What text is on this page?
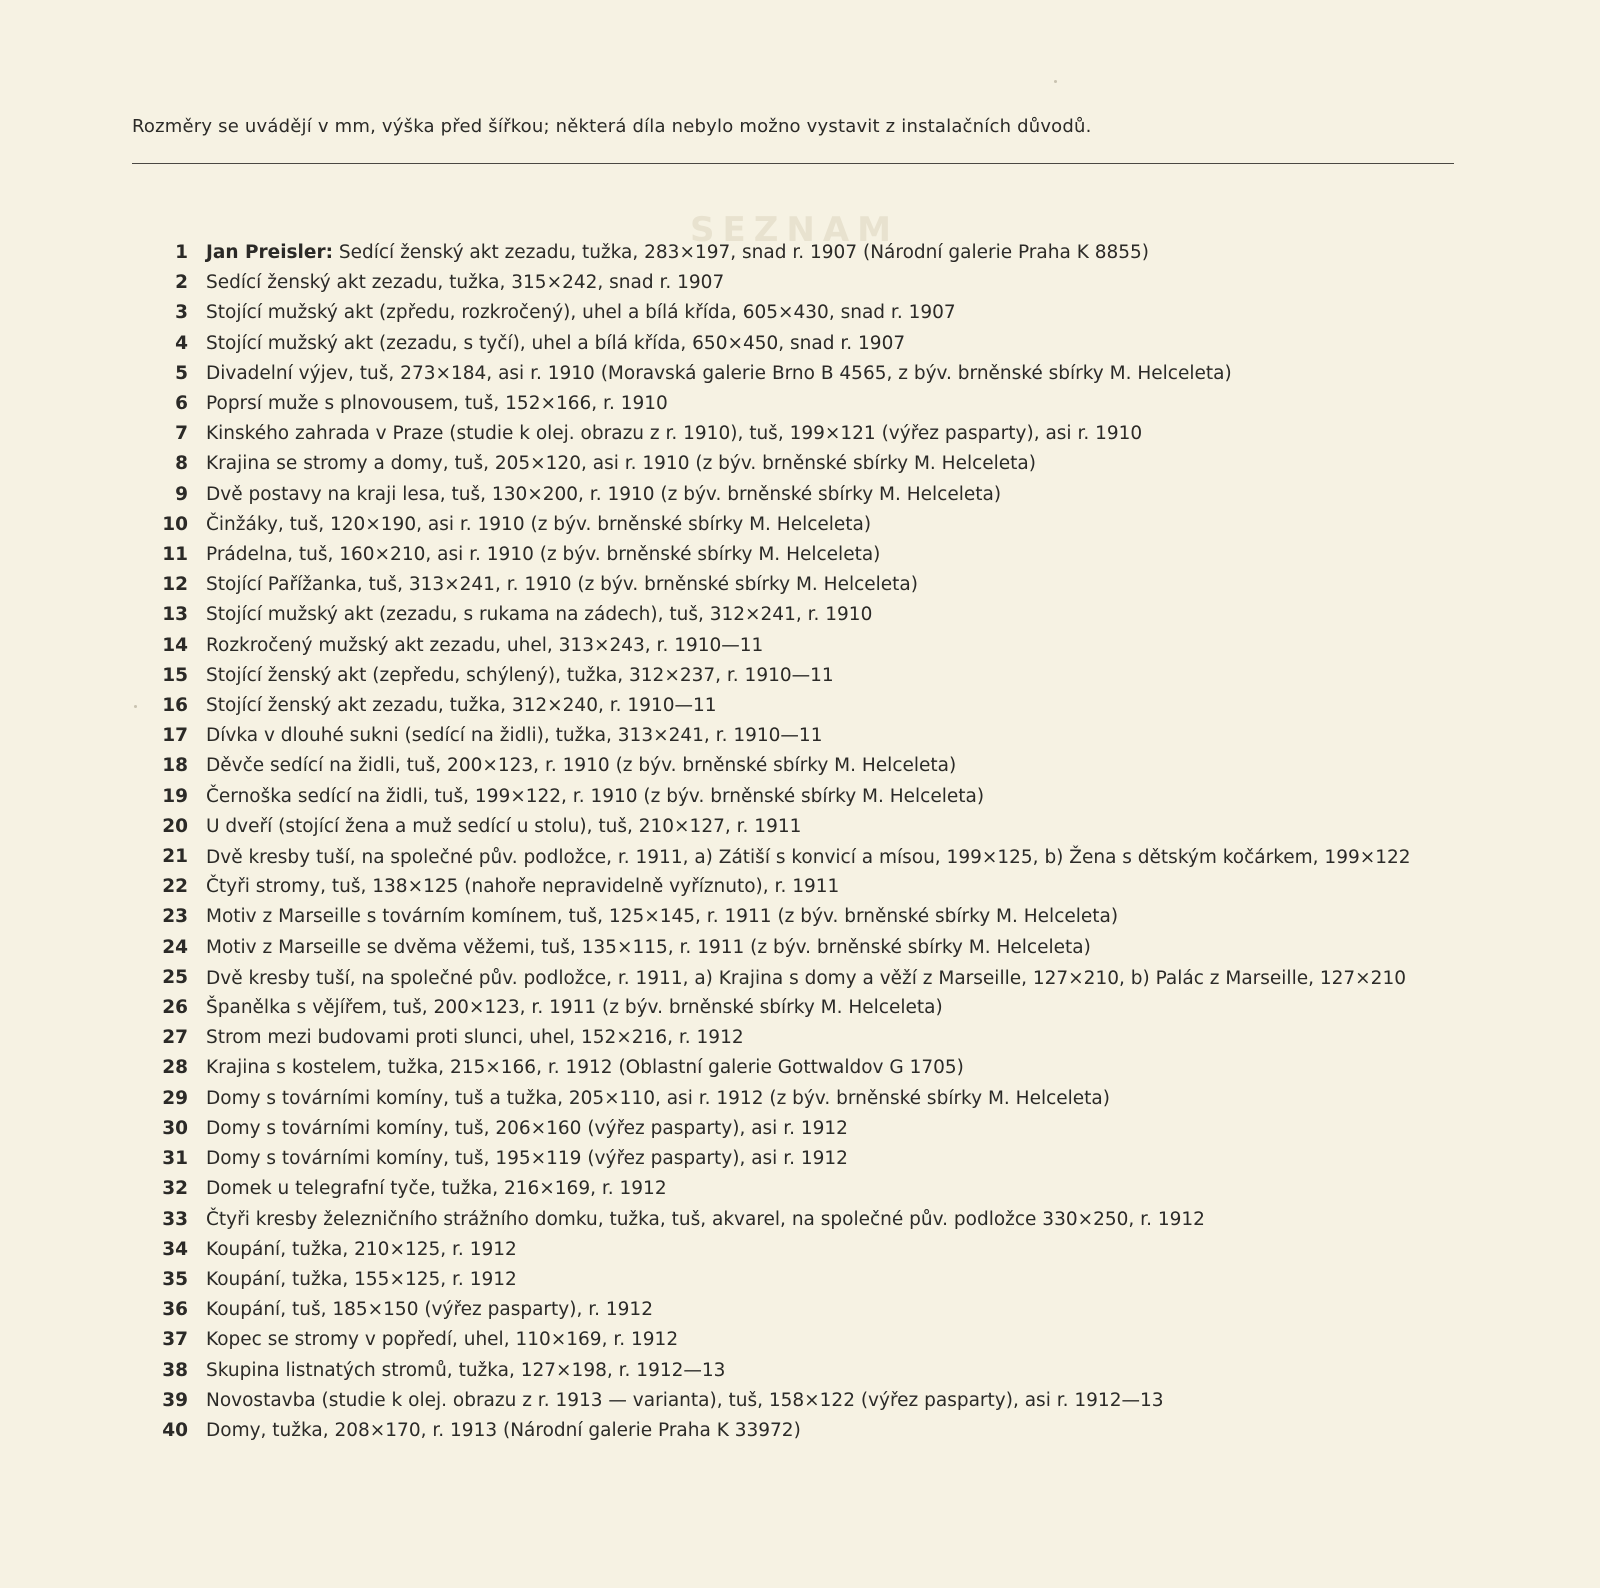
SEZNAM
Rozměry se uvádějí v mm, výška před šířkou; některá díla nebylo možno vystavit z instalačních důvodů.
1 Jan Preisler: Sedící ženský akt zezadu, tužka, 283×197, snad r. 1907 (Národní galerie Praha K 8855)
2 Sedící ženský akt zezadu, tužka, 315×242, snad r. 1907
3 Stojící mužský akt (zpředu, rozkročený), uhel a bílá křída, 605×430, snad r. 1907
4 Stojící mužský akt (zezadu, s tyčí), uhel a bílá křída, 650×450, snad r. 1907
5 Divadelní výjev, tuš, 273×184, asi r. 1910 (Moravská galerie Brno B 4565, z býv. brněnské sbírky M. Helceleta)
6 Poprsí muže s plnovousem, tuš, 152×166, r. 1910
7 Kinského zahrada v Praze (studie k olej. obrazu z r. 1910), tuš, 199×121 (výřez pasparty), asi r. 1910
8 Krajina se stromy a domy, tuš, 205×120, asi r. 1910 (z býv. brněnské sbírky M. Helceleta)
9 Dvě postavy na kraji lesa, tuš, 130×200, r. 1910 (z býv. brněnské sbírky M. Helceleta)
10 Činžáky, tuš, 120×190, asi r. 1910 (z býv. brněnské sbírky M. Helceleta)
11 Prádelna, tuš, 160×210, asi r. 1910 (z býv. brněnské sbírky M. Helceleta)
12 Stojící Pařížanka, tuš, 313×241, r. 1910 (z býv. brněnské sbírky M. Helceleta)
13 Stojící mužský akt (zezadu, s rukama na zádech), tuš, 312×241, r. 1910
14 Rozkročený mužský akt zezadu, uhel, 313×243, r. 1910—11
15 Stojící ženský akt (zepředu, schýlený), tužka, 312×237, r. 1910—11
16 Stojící ženský akt zezadu, tužka, 312×240, r. 1910—11
17 Dívka v dlouhé sukni (sedící na židli), tužka, 313×241, r. 1910—11
18 Děvče sedící na židli, tuš, 200×123, r. 1910 (z býv. brněnské sbírky M. Helceleta)
19 Černoška sedící na židli, tuš, 199×122, r. 1910 (z býv. brněnské sbírky M. Helceleta)
20 U dveří (stojící žena a muž sedící u stolu), tuš, 210×127, r. 1911
21 Dvě kresby tuší, na společné pův. podložce, r. 1911, a) Zátiší s konvicí a mísou, 199×125, b) Žena s dětským kočárkem, 199×122
22 Čtyři stromy, tuš, 138×125 (nahoře nepravidelně vyříznuto), r. 1911
23 Motiv z Marseille s továrním komínem, tuš, 125×145, r. 1911 (z býv. brněnské sbírky M. Helceleta)
24 Motiv z Marseille se dvěma věžemi, tuš, 135×115, r. 1911 (z býv. brněnské sbírky M. Helceleta)
25 Dvě kresby tuší, na společné pův. podložce, r. 1911, a) Krajina s domy a věží z Marseille, 127×210, b) Palác z Marseille, 127×210
26 Španělka s vějířem, tuš, 200×123, r. 1911 (z býv. brněnské sbírky M. Helceleta)
27 Strom mezi budovami proti slunci, uhel, 152×216, r. 1912
28 Krajina s kostelem, tužka, 215×166, r. 1912 (Oblastní galerie Gottwaldov G 1705)
29 Domy s továrními komíny, tuš a tužka, 205×110, asi r. 1912 (z býv. brněnské sbírky M. Helceleta)
30 Domy s továrními komíny, tuš, 206×160 (výřez pasparty), asi r. 1912
31 Domy s továrními komíny, tuš, 195×119 (výřez pasparty), asi r. 1912
32 Domek u telegrafní tyče, tužka, 216×169, r. 1912
33 Čtyři kresby železničního strážního domku, tužka, tuš, akvarel, na společné pův. podložce 330×250, r. 1912
34 Koupání, tužka, 210×125, r. 1912
35 Koupání, tužka, 155×125, r. 1912
36 Koupání, tuš, 185×150 (výřez pasparty), r. 1912
37 Kopec se stromy v popředí, uhel, 110×169, r. 1912
38 Skupina listnatých stromů, tužka, 127×198, r. 1912—13
39 Novostavba (studie k olej. obrazu z r. 1913 — varianta), tuš, 158×122 (výřez pasparty), asi r. 1912—13
40 Domy, tužka, 208×170, r. 1913 (Národní galerie Praha K 33972)
